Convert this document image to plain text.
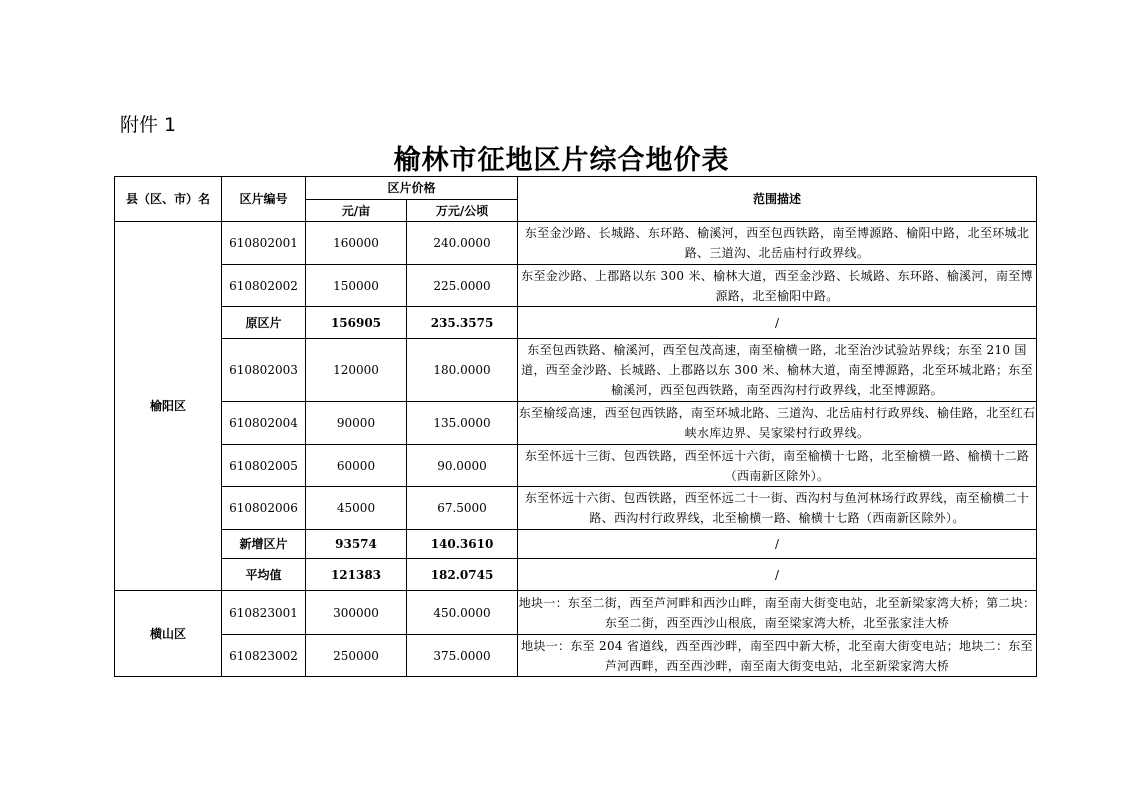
附件 1
榆林市征地区片综合地价表
县（区、市）名	区片编号	区片价格		范围描述
		元/亩	万元/公顷	
榆阳区	610802001	160000	240.0000	东至金沙路、长城路、东环路、榆溪河，西至包西铁路，南至博源路、榆阳中路，北至环城北路、三道沟、北岳庙村行政界线。
	610802002	150000	225.0000	东至金沙路、上郡路以东 300 米、榆林大道，西至金沙路、长城路、东环路、榆溪河，南至博源路，北至榆阳中路。
	原区片	156905	235.3575	/
	610802003	120000	180.0000	东至包西铁路、榆溪河，西至包茂高速，南至榆横一路，北至治沙试验站界线；东至 210 国道，西至金沙路、长城路、上郡路以东 300 米、榆林大道，南至博源路，北至环城北路；东至榆溪河，西至包西铁路，南至西沟村行政界线，北至博源路。
	610802004	90000	135.0000	东至榆绥高速，西至包西铁路，南至环城北路、三道沟、北岳庙村行政界线、榆佳路，北至红石峡水库边界、吴家梁村行政界线。
	610802005	60000	90.0000	东至怀远十三街、包西铁路，西至怀远十六街，南至榆横十七路，北至榆横一路、榆横十二路（西南新区除外）。
	610802006	45000	67.5000	东至怀远十六街、包西铁路，西至怀远二十一街、西沟村与鱼河林场行政界线，南至榆横二十路、西沟村行政界线，北至榆横一路、榆横十七路（西南新区除外）。
	新增区片	93574	140.3610	/
	平均值	121383	182.0745	/
横山区	610823001	300000	450.0000	地块一：东至二街，西至芦河畔和西沙山畔，南至南大街变电站，北至新梁家湾大桥；第二块：东至二街，西至西沙山根底，南至梁家湾大桥，北至张家洼大桥
	610823002	250000	375.0000	地块一：东至 204 省道线，西至西沙畔，南至四中新大桥，北至南大街变电站；地块二：东至芦河西畔，西至西沙畔，南至南大街变电站，北至新梁家湾大桥
